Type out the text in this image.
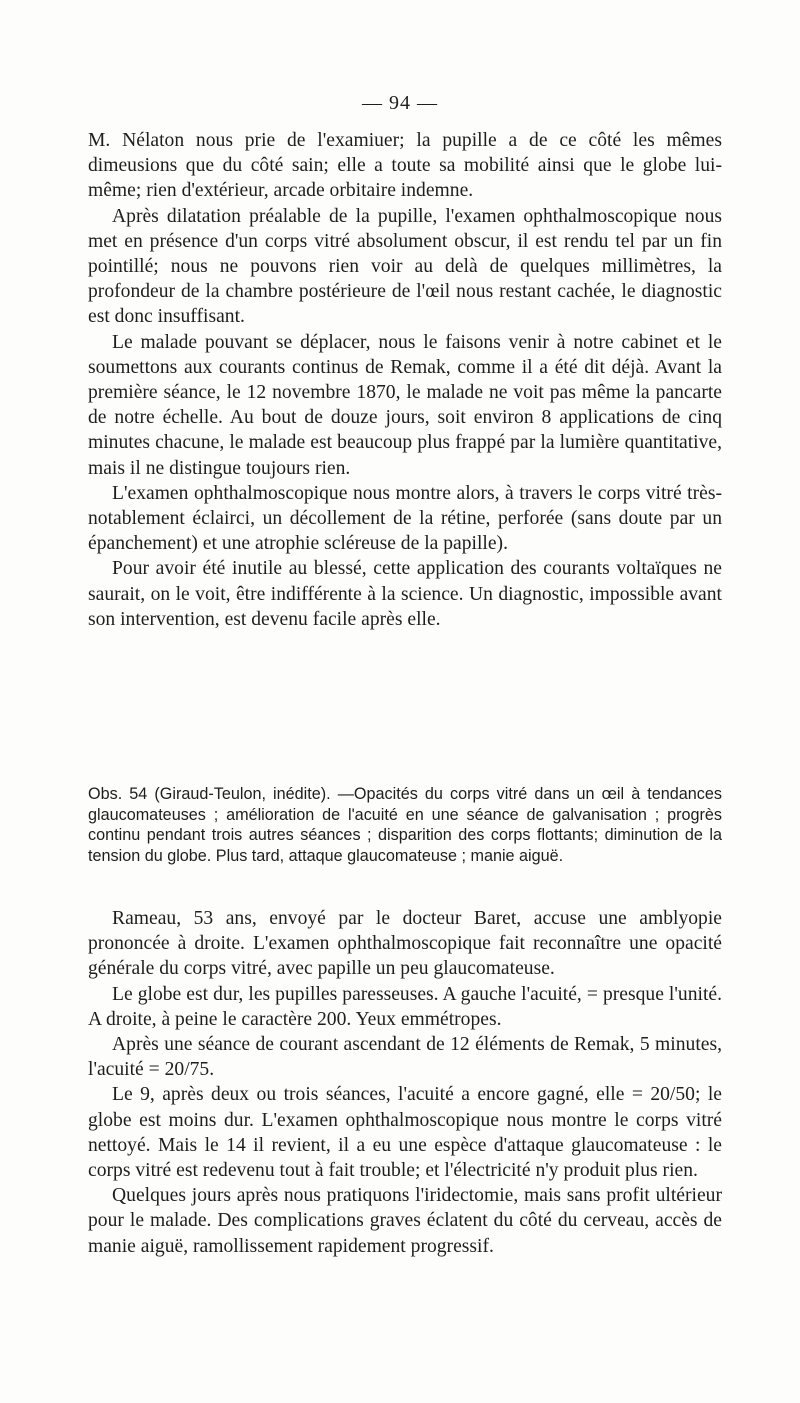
— 94 —

M. Nélaton nous prie de l'examiuer; la pupille a de ce côté les mêmes dimeusions que du côté sain; elle a toute sa mobilité ainsi que le globe lui-même; rien d'extérieur, arcade orbitaire indemne.

Après dilatation préalable de la pupille, l'examen ophthalmoscopique nous met en présence d'un corps vitré absolument obscur, il est rendu tel par un fin pointillé; nous ne pouvons rien voir au delà de quelques millimètres, la profondeur de la chambre postérieure de l'œil nous restant cachée, le diagnostic est donc insuffisant.

Le malade pouvant se déplacer, nous le faisons venir à notre cabinet et le soumettons aux courants continus de Remak, comme il a été dit déjà. Avant la première séance, le 12 novembre 1870, le malade ne voit pas même la pancarte de notre échelle. Au bout de douze jours, soit environ 8 applications de cinq minutes chacune, le malade est beaucoup plus frappé par la lumière quantitative, mais il ne distingue toujours rien.

L'examen ophthalmoscopique nous montre alors, à travers le corps vitré très-notablement éclairci, un décollement de la rétine, perforée (sans doute par un épanchement) et une atrophie scléreuse de la papille).

Pour avoir été inutile au blessé, cette application des courants voltaïques ne saurait, on le voit, être indifférente à la science. Un diagnostic, impossible avant son intervention, est devenu facile après elle.

Obs. 54 (Giraud-Teulon, inédite). —Opacités du corps vitré dans un œil à tendances glaucomateuses ; amélioration de l'acuité en une séance de galvanisation ; progrès continu pendant trois autres séances ; disparition des corps flottants; diminution de la tension du globe. Plus tard, attaque glaucomateuse ; manie aiguë.

Rameau, 53 ans, envoyé par le docteur Baret, accuse une amblyopie prononcée à droite. L'examen ophthalmoscopique fait reconnaître une opacité générale du corps vitré, avec papille un peu glaucomateuse.

Le globe est dur, les pupilles paresseuses. A gauche l'acuité, = presque l'unité. A droite, à peine le caractère 200. Yeux emmétropes.

Après une séance de courant ascendant de 12 éléments de Remak, 5 minutes, l'acuité = 20/75.

Le 9, après deux ou trois séances, l'acuité a encore gagné, elle = 20/50; le globe est moins dur. L'examen ophthalmoscopique nous montre le corps vitré nettoyé. Mais le 14 il revient, il a eu une espèce d'attaque glaucomateuse : le corps vitré est redevenu tout à fait trouble; et l'électricité n'y produit plus rien.

Quelques jours après nous pratiquons l'iridectomie, mais sans profit ultérieur pour le malade. Des complications graves éclatent du côté du cerveau, accès de manie aiguë, ramollissement rapidement progressif.
